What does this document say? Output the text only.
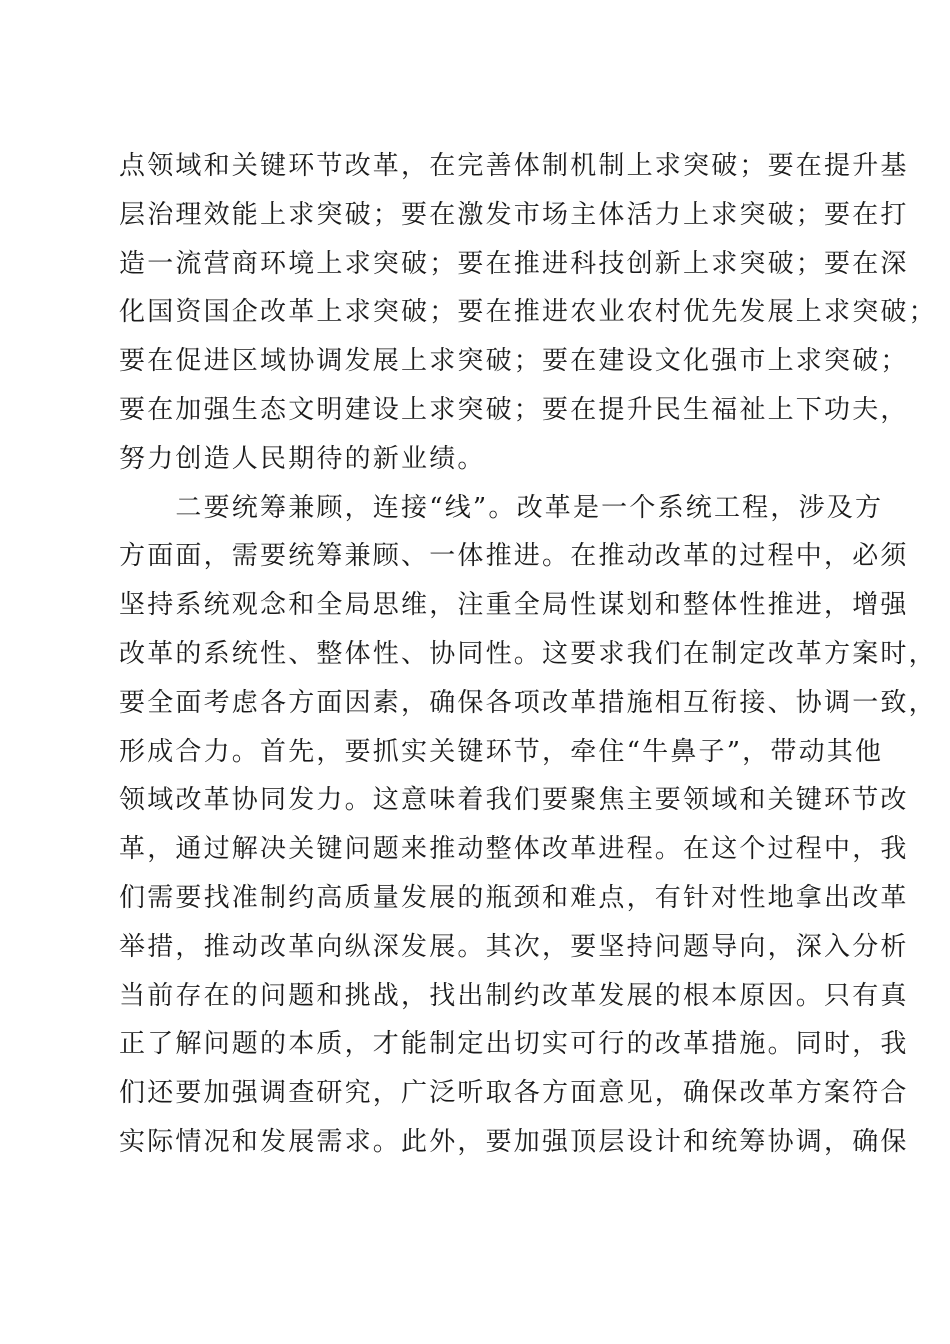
点领域和关键环节改革，在完善体制机制上求突破；要在提升基
层治理效能上求突破；要在激发市场主体活力上求突破；要在打
造一流营商环境上求突破；要在推进科技创新上求突破；要在深
化国资国企改革上求突破；要在推进农业农村优先发展上求突破；
要在促进区域协调发展上求突破；要在建设文化强市上求突破；
要在加强生态文明建设上求突破；要在提升民生福祉上下功夫，
努力创造人民期待的新业绩。
　　二要统筹兼顾，连接“线”。改革是一个系统工程，涉及方
方面面，需要统筹兼顾、一体推进。在推动改革的过程中，必须
坚持系统观念和全局思维，注重全局性谋划和整体性推进，增强
改革的系统性、整体性、协同性。这要求我们在制定改革方案时，
要全面考虑各方面因素，确保各项改革措施相互衔接、协调一致，
形成合力。首先，要抓实关键环节，牵住“牛鼻子”，带动其他
领域改革协同发力。这意味着我们要聚焦主要领域和关键环节改
革，通过解决关键问题来推动整体改革进程。在这个过程中，我
们需要找准制约高质量发展的瓶颈和难点，有针对性地拿出改革
举措，推动改革向纵深发展。其次，要坚持问题导向，深入分析
当前存在的问题和挑战，找出制约改革发展的根本原因。只有真
正了解问题的本质，才能制定出切实可行的改革措施。同时，我
们还要加强调查研究，广泛听取各方面意见，确保改革方案符合
实际情况和发展需求。此外，要加强顶层设计和统筹协调，确保
